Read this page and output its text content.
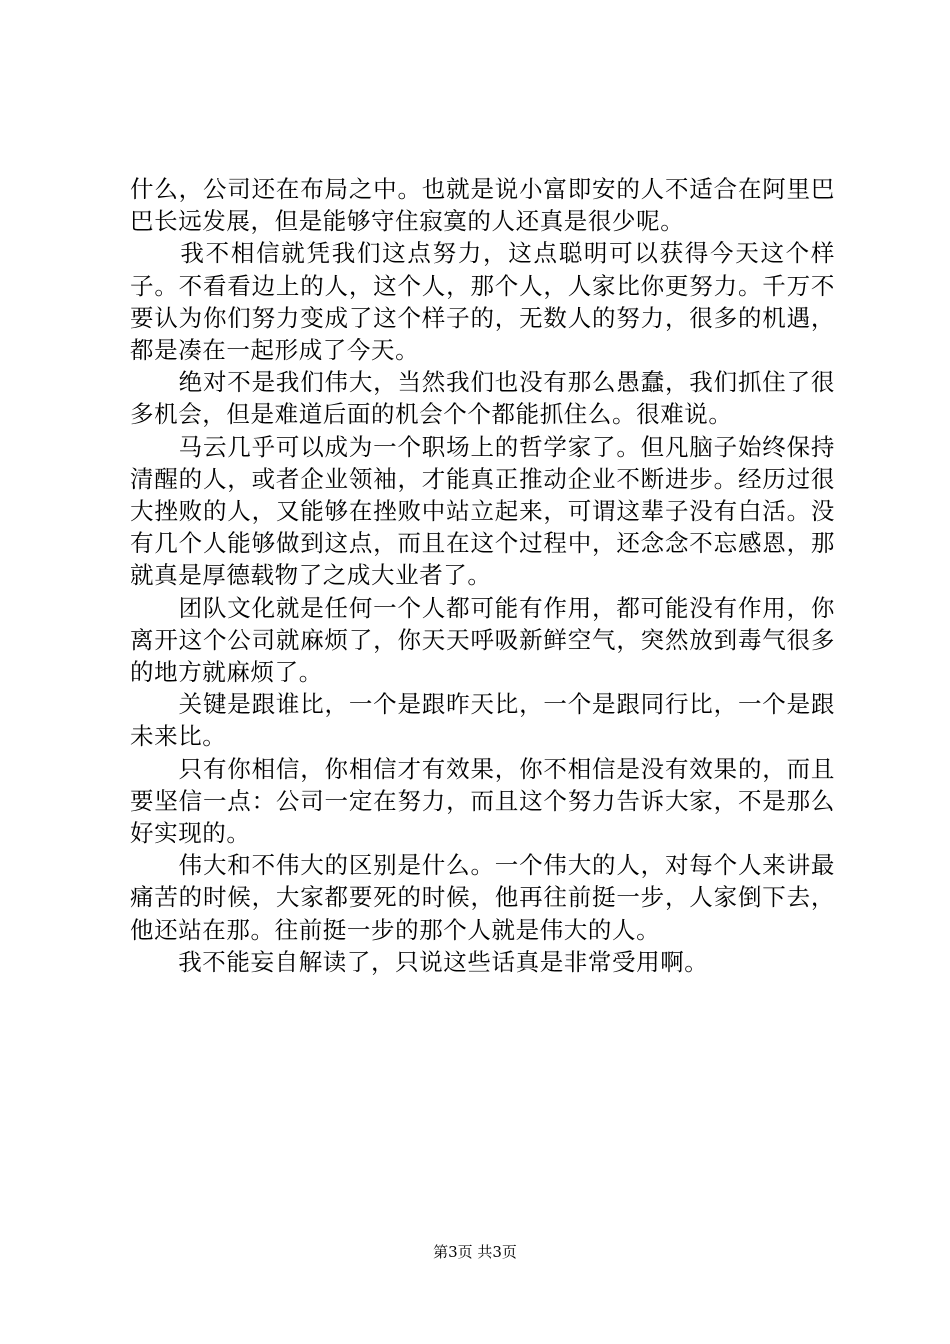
什么，公司还在布局之中。也就是说小富即安的人不适合在阿里巴巴长远发展，但是能够守住寂寞的人还真是很少呢。

　　我不相信就凭我们这点努力，这点聪明可以获得今天这个样子。不看看边上的人，这个人，那个人，人家比你更努力。千万不要认为你们努力变成了这个样子的，无数人的努力，很多的机遇，都是凑在一起形成了今天。

　　绝对不是我们伟大，当然我们也没有那么愚蠢，我们抓住了很多机会，但是难道后面的机会个个都能抓住么。很难说。

　　马云几乎可以成为一个职场上的哲学家了。但凡脑子始终保持清醒的人，或者企业领袖，才能真正推动企业不断进步。经历过很大挫败的人，又能够在挫败中站立起来，可谓这辈子没有白活。没有几个人能够做到这点，而且在这个过程中，还念念不忘感恩，那就真是厚德载物了之成大业者了。

　　团队文化就是任何一个人都可能有作用，都可能没有作用，你离开这个公司就麻烦了，你天天呼吸新鲜空气，突然放到毒气很多的地方就麻烦了。

　　关键是跟谁比，一个是跟昨天比，一个是跟同行比，一个是跟未来比。

　　只有你相信，你相信才有效果，你不相信是没有效果的，而且要坚信一点：公司一定在努力，而且这个努力告诉大家，不是那么好实现的。

　　伟大和不伟大的区别是什么。一个伟大的人，对每个人来讲最痛苦的时候，大家都要死的时候，他再往前挺一步，人家倒下去，他还站在那。往前挺一步的那个人就是伟大的人。

　　我不能妄自解读了，只说这些话真是非常受用啊。

第3页 共3页
